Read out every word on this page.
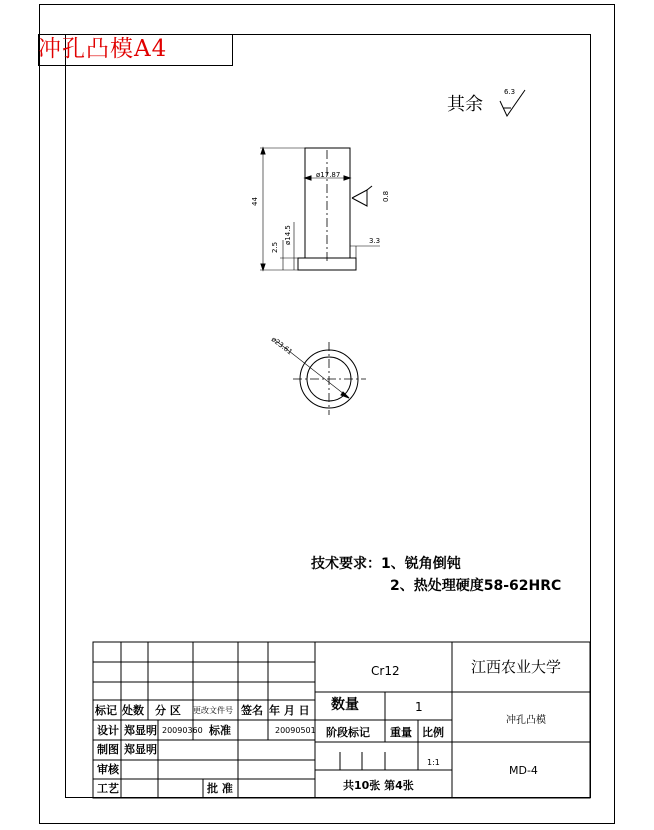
冲孔凸模A4
其余
6.3
ø17.87
44
2.5
ø14.5	3.3
0.8
ø23.61
技术要求：1、锐角倒钝
2、热处理硬度58-62HRC
Cr12	江西农业大学
数量	1
冲孔凸模
阶段标记 重量 比例
1:1
MD-4
共10张 第4张
标记 处数 分 区 更改文件号 签名 年 月 日
设计 郑显明 20090360 标准	20090501
制图 郑显明
审核
工艺	批 准
